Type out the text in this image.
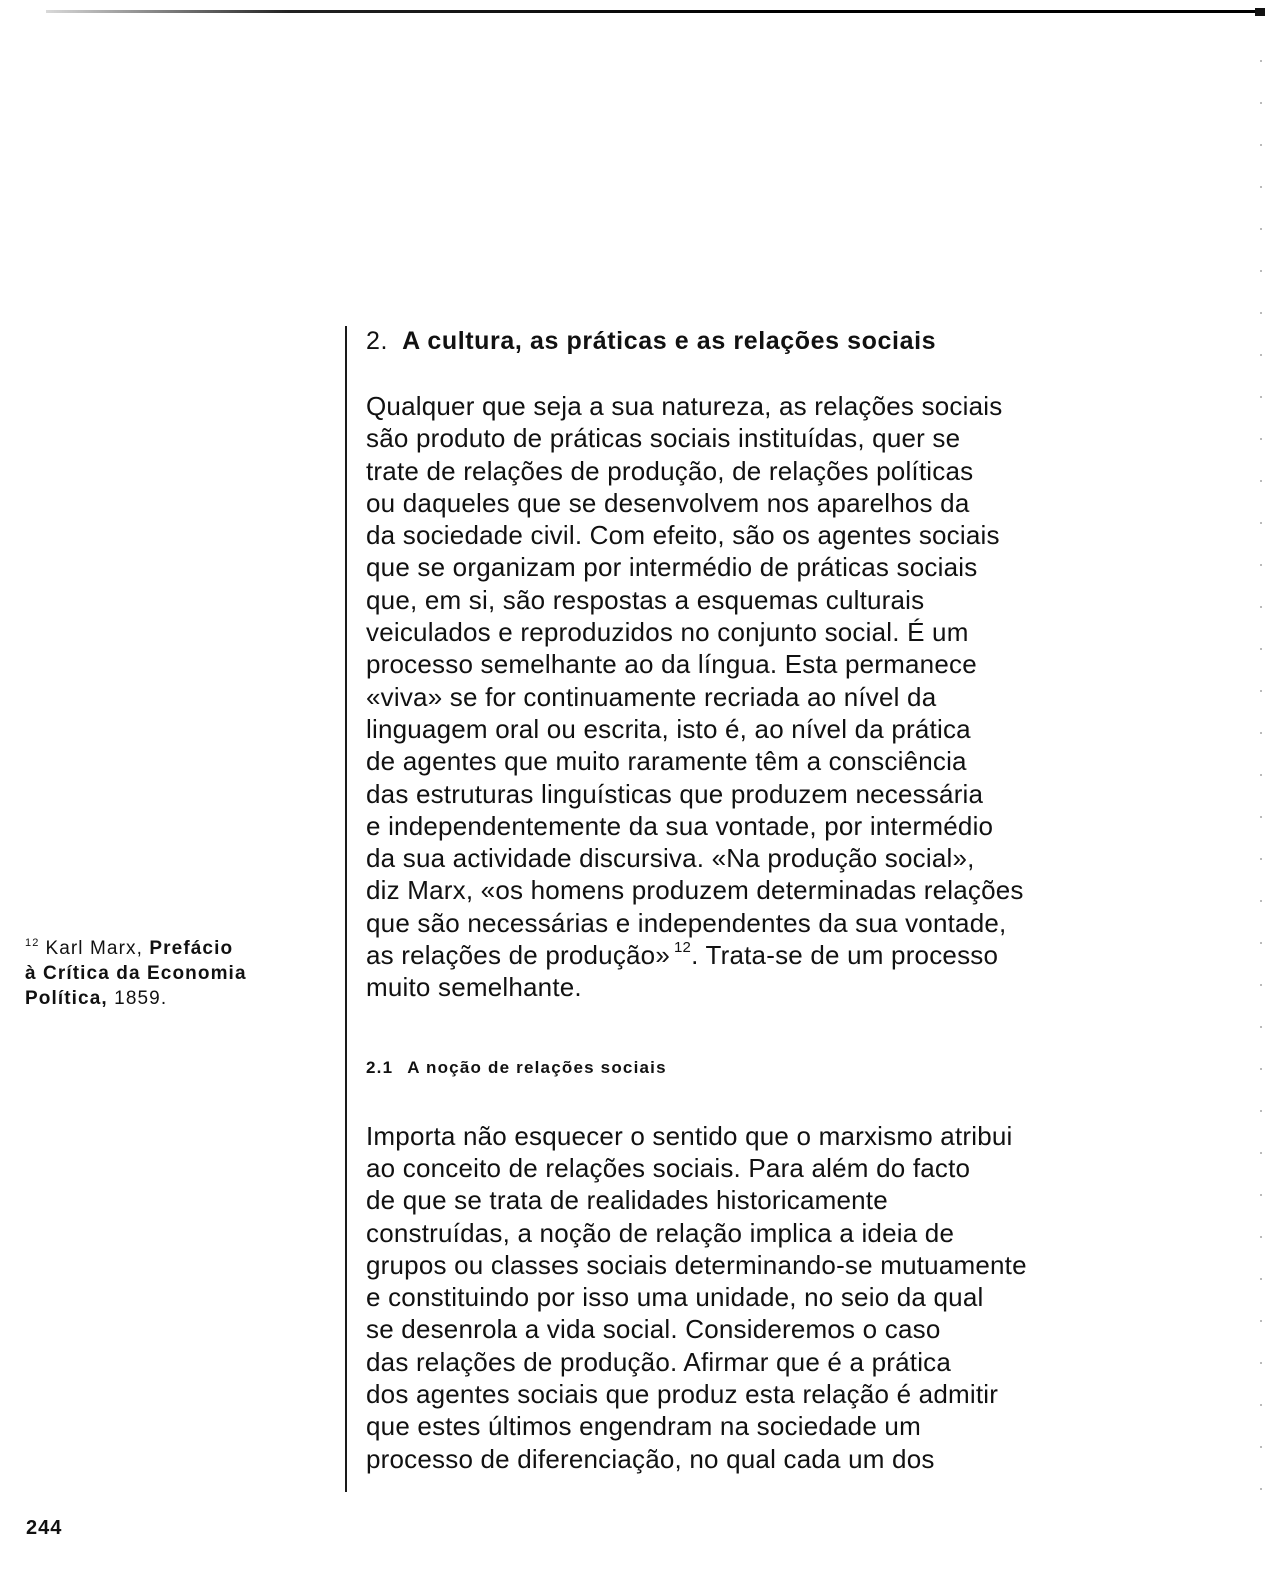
2. A cultura, as práticas e as relações sociais

Qualquer que seja a sua natureza, as relações sociais
são produto de práticas sociais instituídas, quer se
trate de relações de produção, de relações políticas
ou daqueles que se desenvolvem nos aparelhos da
da sociedade civil. Com efeito, são os agentes sociais
que se organizam por intermédio de práticas sociais
que, em si, são respostas a esquemas culturais
veiculados e reproduzidos no conjunto social. É um
processo semelhante ao da língua. Esta permanece
«viva» se for continuamente recriada ao nível da
linguagem oral ou escrita, isto é, ao nível da prática
de agentes que muito raramente têm a consciência
das estruturas linguísticas que produzem necessária
e independentemente da sua vontade, por intermédio
da sua actividade discursiva. «Na produção social»,
diz Marx, «os homens produzem determinadas relações
que são necessárias e independentes da sua vontade,
as relações de produção» $^{12}$. Trata-se de um processo
muito semelhante.

2.1 A noção de relações sociais

Importa não esquecer o sentido que o marxismo atribui
ao conceito de relações sociais. Para além do facto
de que se trata de realidades historicamente
construídas, a noção de relação implica a ideia de
grupos ou classes sociais determinando-se mutuamente
e constituindo por isso uma unidade, no seio da qual
se desenrola a vida social. Consideremos o caso
das relações de produção. Afirmar que é a prática
dos agentes sociais que produz esta relação é admitir
que estes últimos engendram na sociedade um
processo de diferenciação, no qual cada um dos

$^{12}$ Karl Marx, Prefácio
à Crítica da Economia
Política, 1859.
244
